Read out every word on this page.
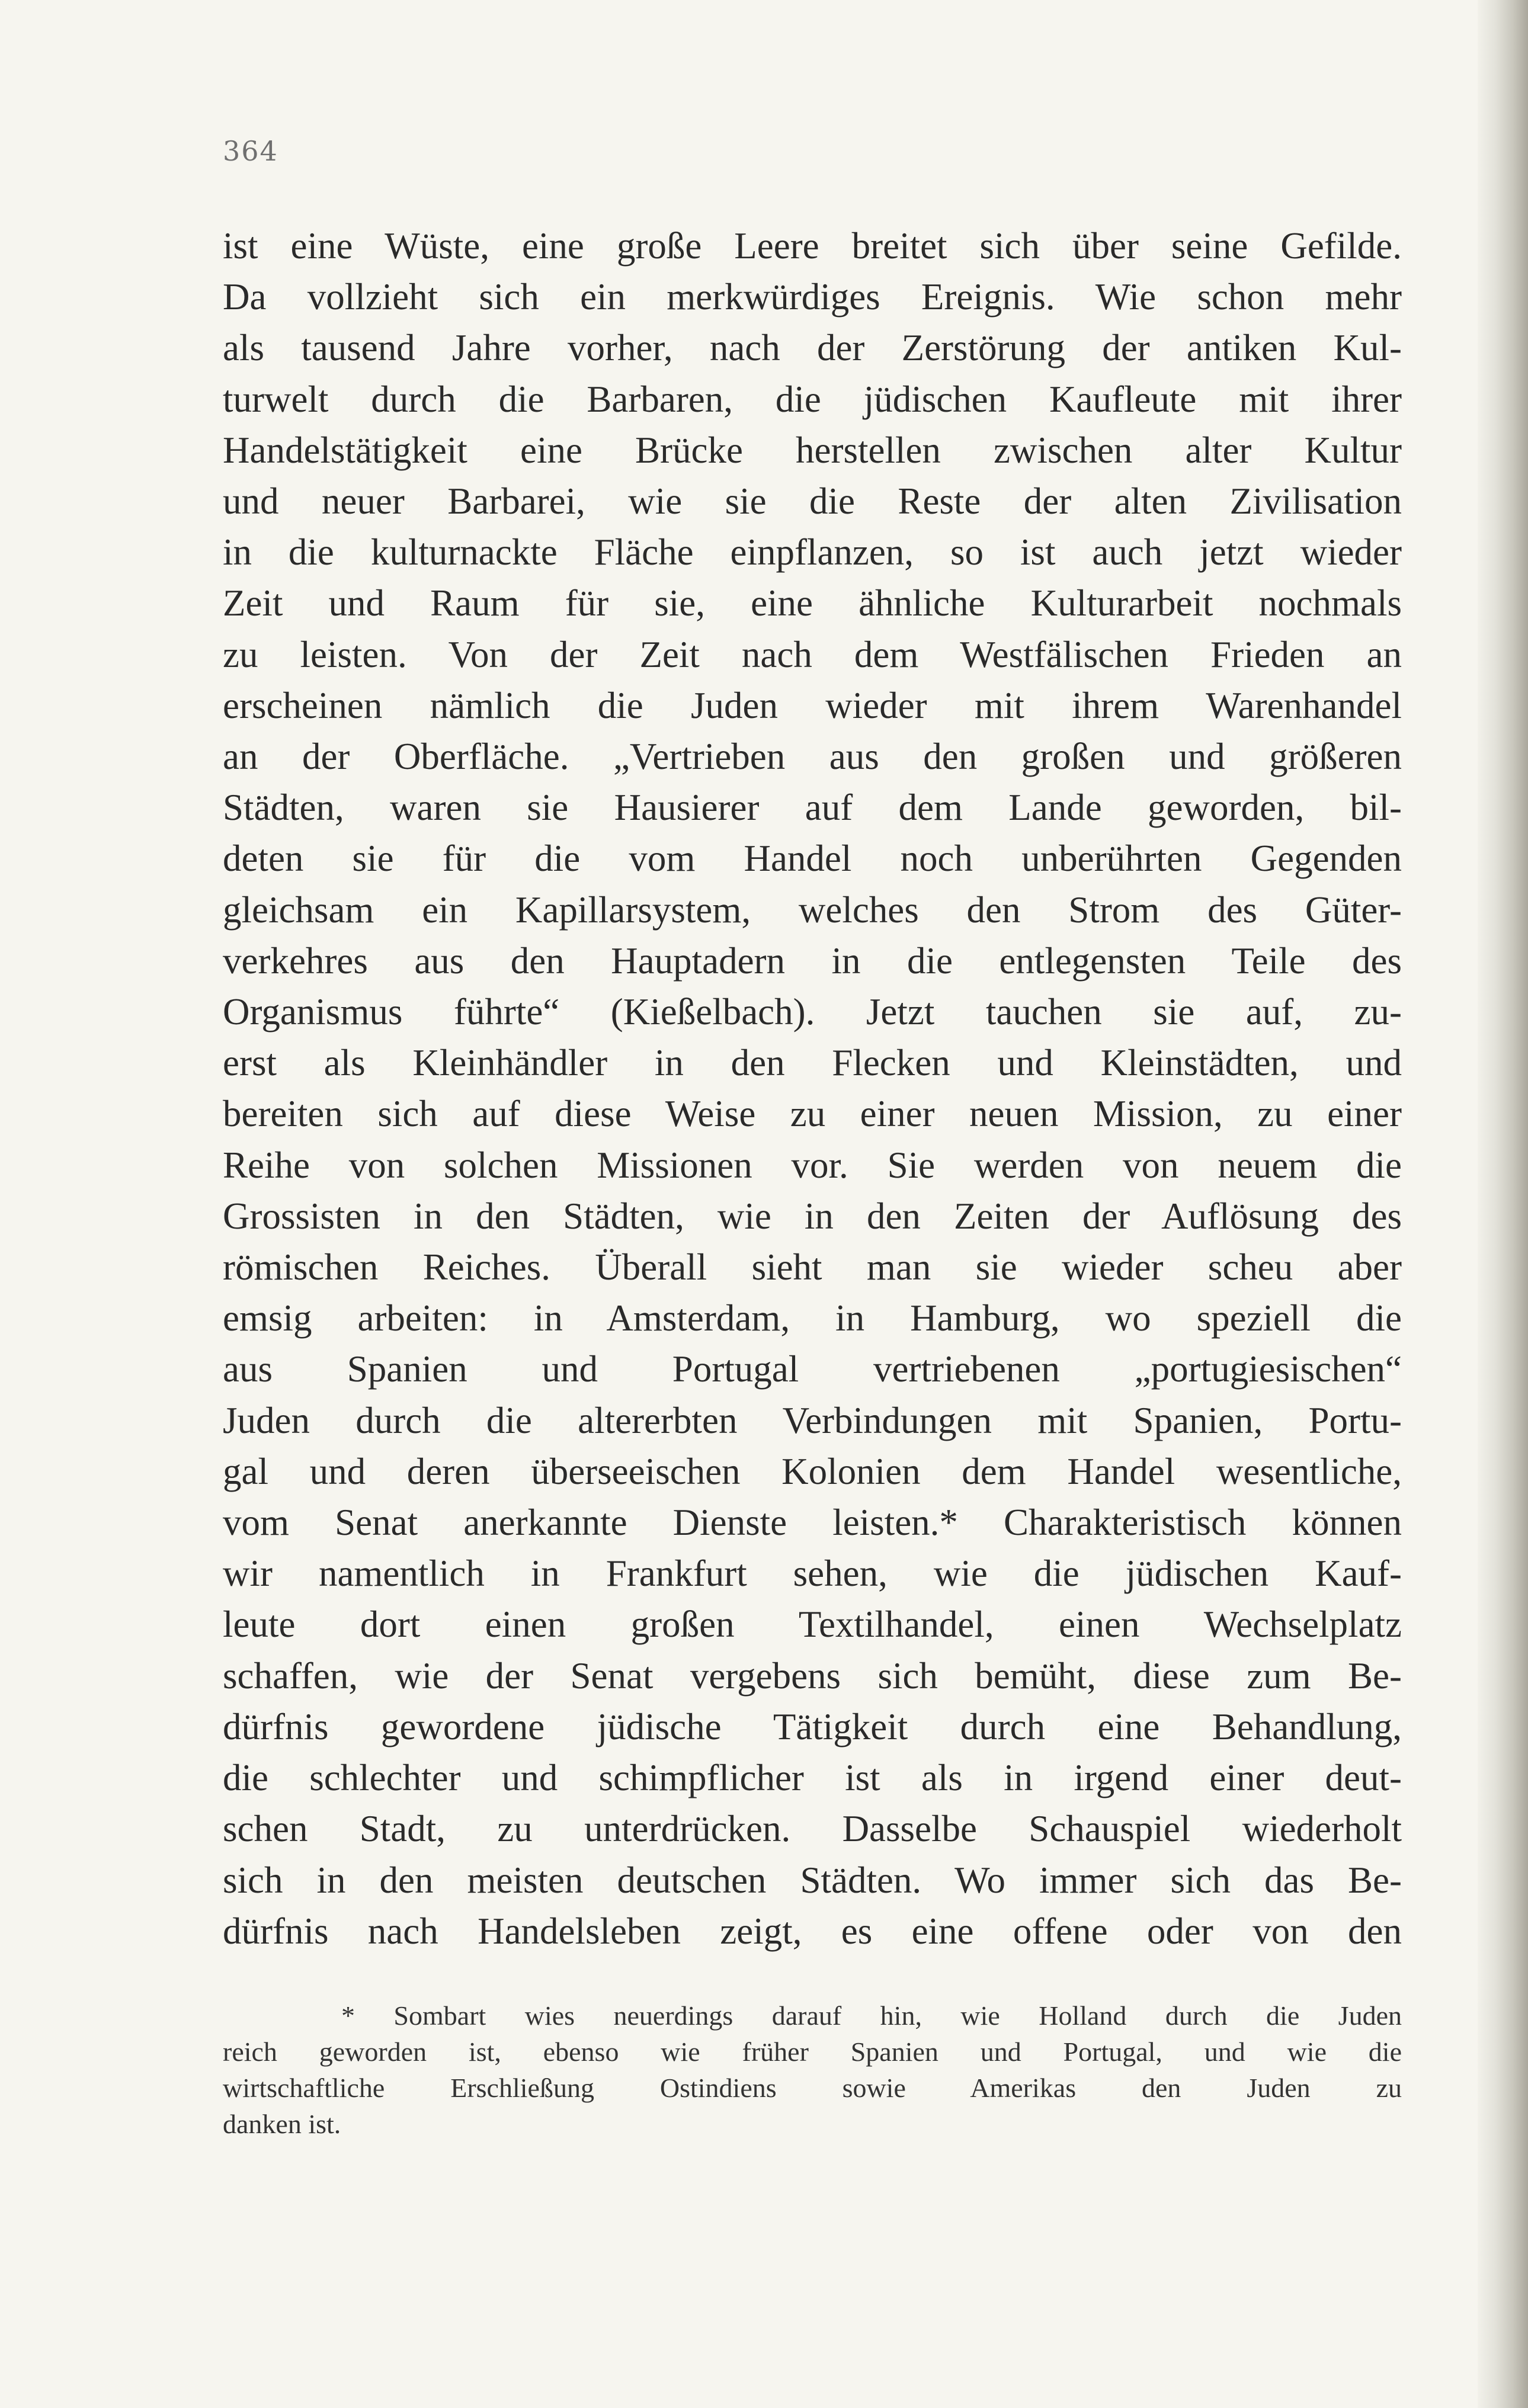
364

ist eine Wüste, eine große Leere breitet sich über seine Gefilde.
Da vollzieht sich ein merkwürdiges Ereignis. Wie schon mehr
als tausend Jahre vorher, nach der Zerstörung der antiken Kul-
turwelt durch die Barbaren, die jüdischen Kaufleute mit ihrer
Handelstätigkeit eine Brücke herstellen zwischen alter Kultur
und neuer Barbarei, wie sie die Reste der alten Zivilisation
in die kulturnackte Fläche einpflanzen, so ist auch jetzt wieder
Zeit und Raum für sie, eine ähnliche Kulturarbeit nochmals
zu leisten. Von der Zeit nach dem Westfälischen Frieden an
erscheinen nämlich die Juden wieder mit ihrem Warenhandel
an der Oberfläche. „Vertrieben aus den großen und größeren
Städten, waren sie Hausierer auf dem Lande geworden, bil-
deten sie für die vom Handel noch unberührten Gegenden
gleichsam ein Kapillarsystem, welches den Strom des Güter-
verkehres aus den Hauptadern in die entlegensten Teile des
Organismus führte“ (Kießelbach). Jetzt tauchen sie auf, zu-
erst als Kleinhändler in den Flecken und Kleinstädten, und
bereiten sich auf diese Weise zu einer neuen Mission, zu einer
Reihe von solchen Missionen vor. Sie werden von neuem die
Grossisten in den Städten, wie in den Zeiten der Auflösung des
römischen Reiches. Überall sieht man sie wieder scheu aber
emsig arbeiten: in Amsterdam, in Hamburg, wo speziell die
aus Spanien und Portugal vertriebenen „portugiesischen“
Juden durch die altererbten Verbindungen mit Spanien, Portu-
gal und deren überseeischen Kolonien dem Handel wesentliche,
vom Senat anerkannte Dienste leisten.* Charakteristisch können
wir namentlich in Frankfurt sehen, wie die jüdischen Kauf-
leute dort einen großen Textilhandel, einen Wechselplatz
schaffen, wie der Senat vergebens sich bemüht, diese zum Be-
dürfnis gewordene jüdische Tätigkeit durch eine Behandlung,
die schlechter und schimpflicher ist als in irgend einer deut-
schen Stadt, zu unterdrücken. Dasselbe Schauspiel wiederholt
sich in den meisten deutschen Städten. Wo immer sich das Be-
dürfnis nach Handelsleben zeigt, es eine offene oder von den
* Sombart wies neuerdings darauf hin, wie Holland durch die Juden
reich geworden ist, ebenso wie früher Spanien und Portugal, und wie die
wirtschaftliche Erschließung Ostindiens sowie Amerikas den Juden zu
danken ist.
